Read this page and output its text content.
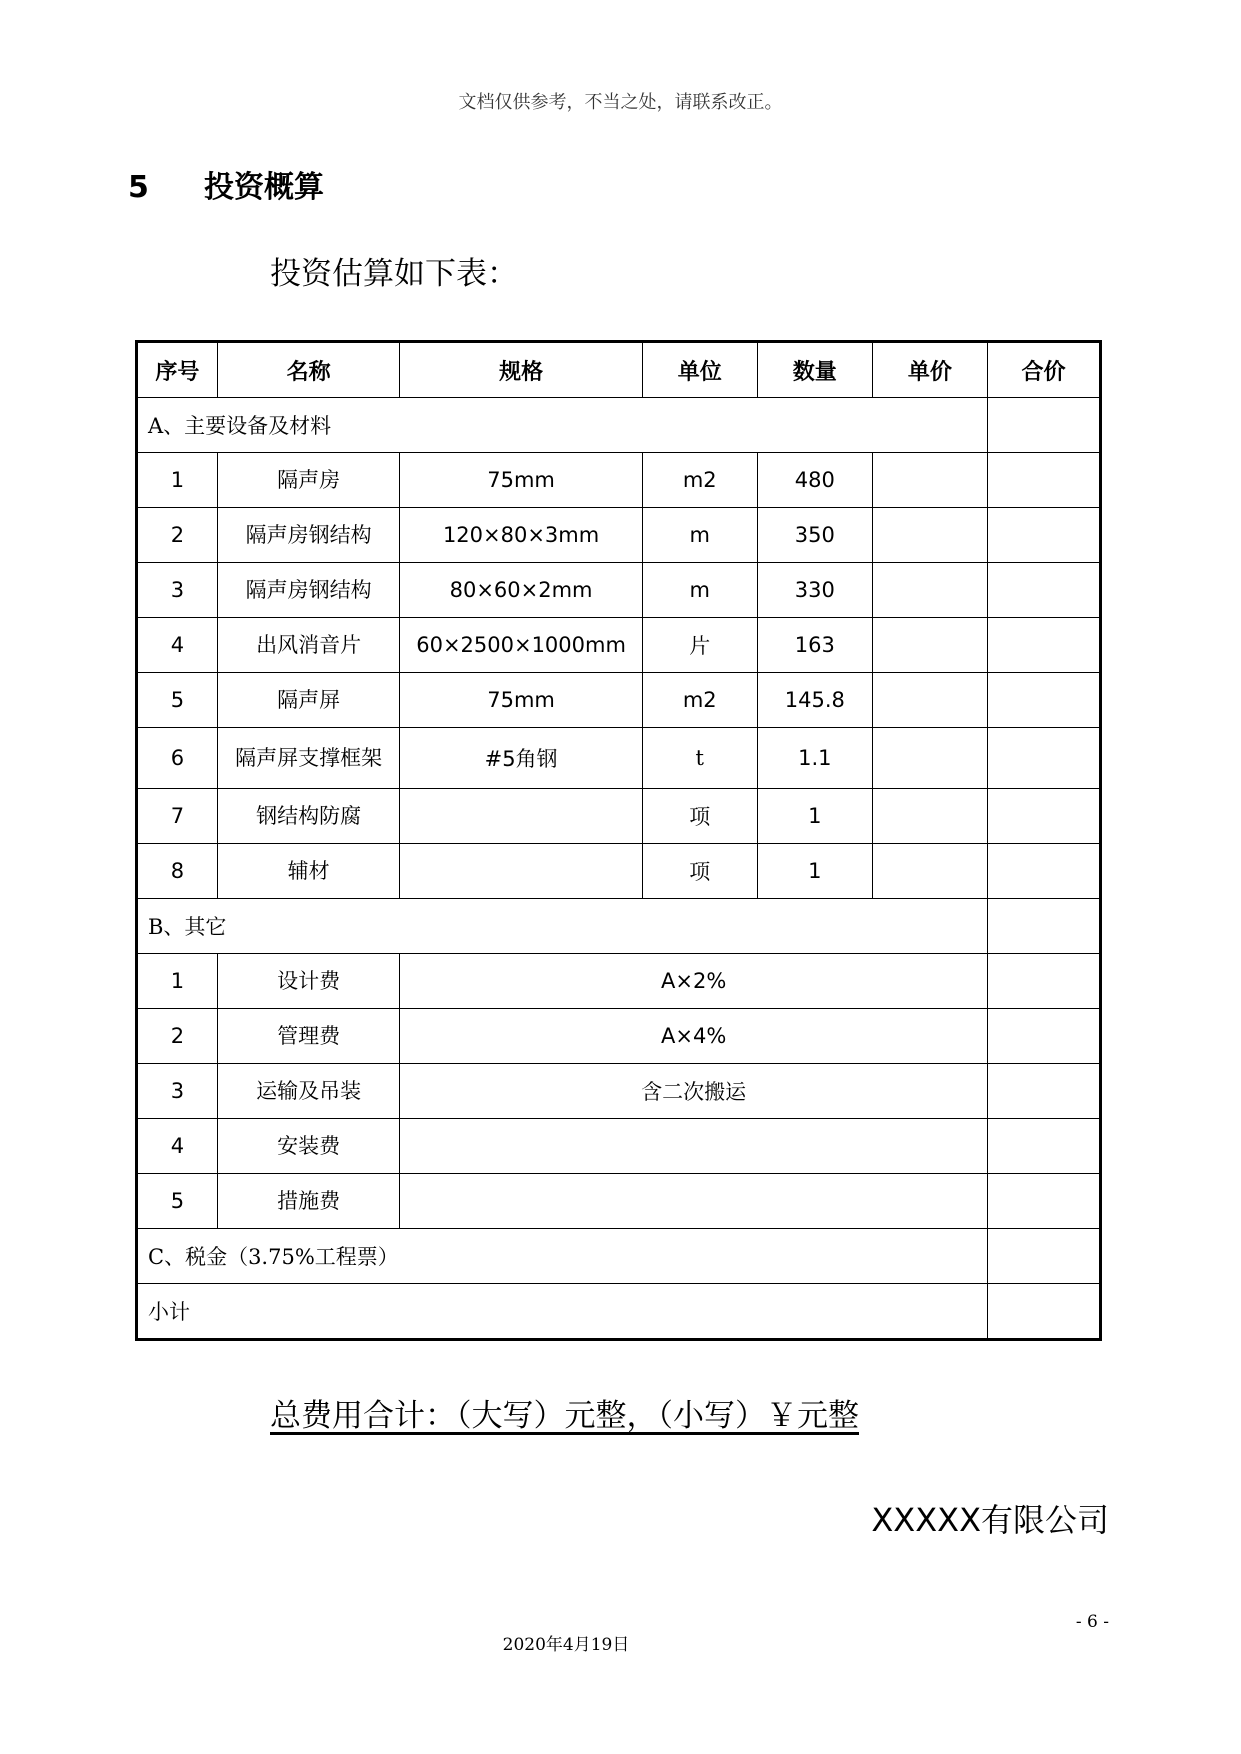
文档仅供参考，不当之处，请联系改正。
5 投资概算
投资估算如下表：
序号	名称	规格	单位	数量	单价	合价
A、主要设备及材料						
1	隔声房	75mm	m2	480		
2	隔声房钢结构	120×80×3mm	m	350		
3	隔声房钢结构	80×60×2mm	m	330		
4	出风消音片	60×2500×1000mm	片	163		
5	隔声屏	75mm	m2	145.8		
6	隔声屏支撑框架	#5角钢	t	1.1		
7	钢结构防腐		项	1		
8	辅材		项	1		
B、其它						
1	设计费	A×2%				
2	管理费	A×4%				
3	运输及吊装	含二次搬运				
4	安装费					
5	措施费					
C、税金（3.75%工程票）						
小计						
总费用合计：（大写）元整，（小写）￥元整
XXXXX有限公司
- 6 -
2020年4月19日
